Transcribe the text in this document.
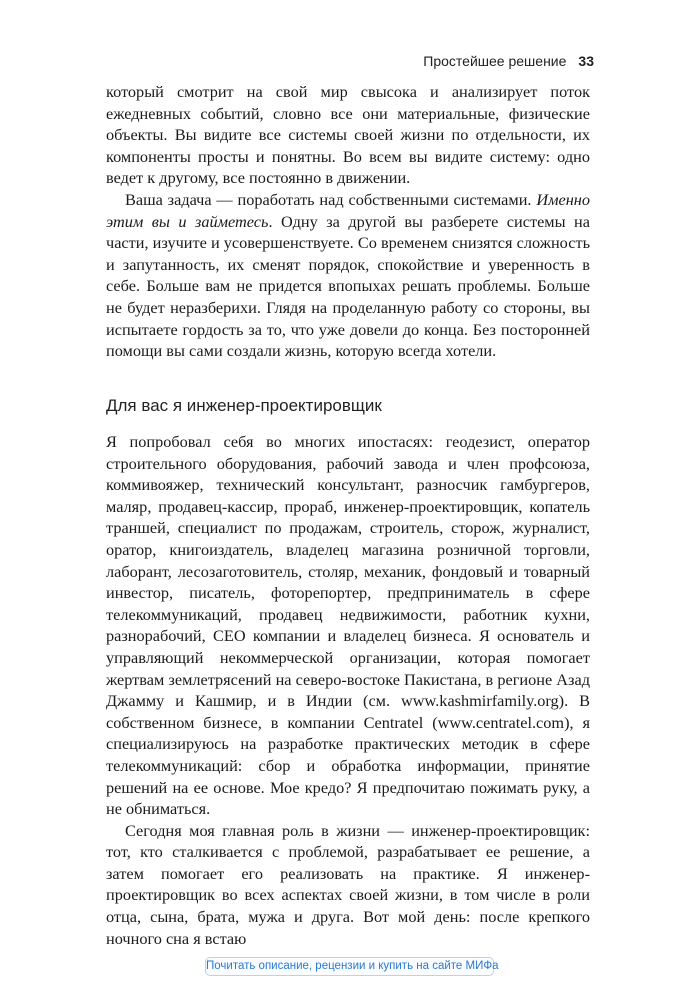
Простейшее решение 33

который смотрит на свой мир свысока и анализирует поток ежедневных событий, словно все они материальные, физические объекты. Вы видите все системы своей жизни по отдельности, их компоненты просты и понятны. Во всем вы видите систему: одно ведет к другому, все постоянно в движении.

Ваша задача — поработать над собственными системами. Именно этим вы и займетесь. Одну за другой вы разберете системы на части, изучите и усовершенствуете. Со временем снизятся сложность и запутанность, их сменят порядок, спокойствие и уверенность в себе. Больше вам не придется впопыхах решать проблемы. Больше не будет неразберихи. Глядя на проделанную работу со стороны, вы испытаете гордость за то, что уже довели до конца. Без посторонней помощи вы сами создали жизнь, которую всегда хотели.

Для вас я инженер-проектировщик

Я попробовал себя во многих ипостасях: геодезист, оператор строительного оборудования, рабочий завода и член профсоюза, коммивояжер, технический консультант, разносчик гамбургеров, маляр, продавец-кассир, прораб, инженер-проектировщик, копатель траншей, специалист по продажам, строитель, сторож, журналист, оратор, книгоиздатель, владелец магазина розничной торговли, лаборант, лесозаготовитель, столяр, механик, фондовый и товарный инвестор, писатель, фоторепортер, предприниматель в сфере телекоммуникаций, продавец недвижимости, работник кухни, разнорабочий, CEO компании и владелец бизнеса. Я основатель и управляющий некоммерческой организации, которая помогает жертвам землетрясений на северо-востоке Пакистана, в регионе Азад Джамму и Кашмир, и в Индии (см. www.kashmirfamily.org). В собственном бизнесе, в компании Centratel (www.centratel.com), я специализируюсь на разработке практических методик в сфере телекоммуникаций: сбор и обработка информации, принятие решений на ее основе. Мое кредо? Я предпочитаю пожимать руку, а не обниматься.

Сегодня моя главная роль в жизни — инженер-проектировщик: тот, кто сталкивается с проблемой, разрабатывает ее решение, а затем помогает его реализовать на практике. Я инженер-проектировщик во всех аспектах своей жизни, в том числе в роли отца, сына, брата, мужа и друга. Вот мой день: после крепкого ночного сна я встаю

Почитать описание, рецензии и купить на сайте МИФа
